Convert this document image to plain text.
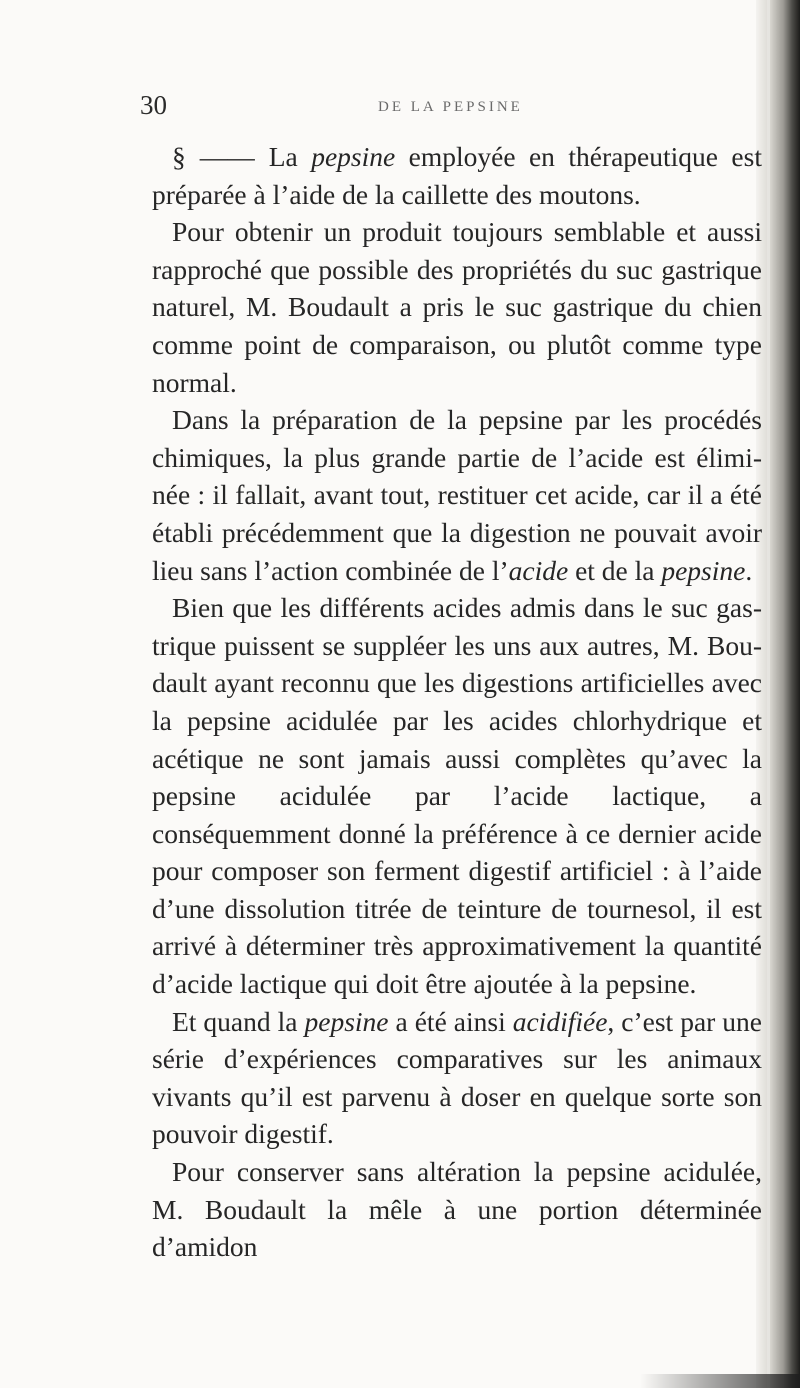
30	DE LA PEPSINE

§ —— La pepsine employée en thérapeutique est préparée à l’aide de la caillette des moutons.

Pour obtenir un produit toujours semblable et aussi rapproché que possible des propriétés du suc gastrique naturel, M. Boudault a pris le suc gastrique du chien comme point de comparaison, ou plutôt comme type normal.

Dans la préparation de la pepsine par les procédés chimiques, la plus grande partie de l’acide est élimi-née : il fallait, avant tout, restituer cet acide, car il a été établi précédemment que la digestion ne pouvait avoir lieu sans l’action combinée de l’acide et de la pepsine.

Bien que les différents acides admis dans le suc gas-trique puissent se suppléer les uns aux autres, M. Bou-dault ayant reconnu que les digestions artificielles avec la pepsine acidulée par les acides chlorhydrique et acétique ne sont jamais aussi complètes qu’avec la pepsine acidulée par l’acide lactique, a conséquemment donné la préférence à ce dernier acide pour composer son ferment digestif artificiel : à l’aide d’une dissolution titrée de teinture de tournesol, il est arrivé à déterminer très approximativement la quantité d’acide lactique qui doit être ajoutée à la pepsine.

Et quand la pepsine a été ainsi acidifiée, c’est par une série d’expériences comparatives sur les animaux vivants qu’il est parvenu à doser en quelque sorte son pouvoir digestif.

Pour conserver sans altération la pepsine acidulée, M. Boudault la mêle à une portion déterminée d’amidon
